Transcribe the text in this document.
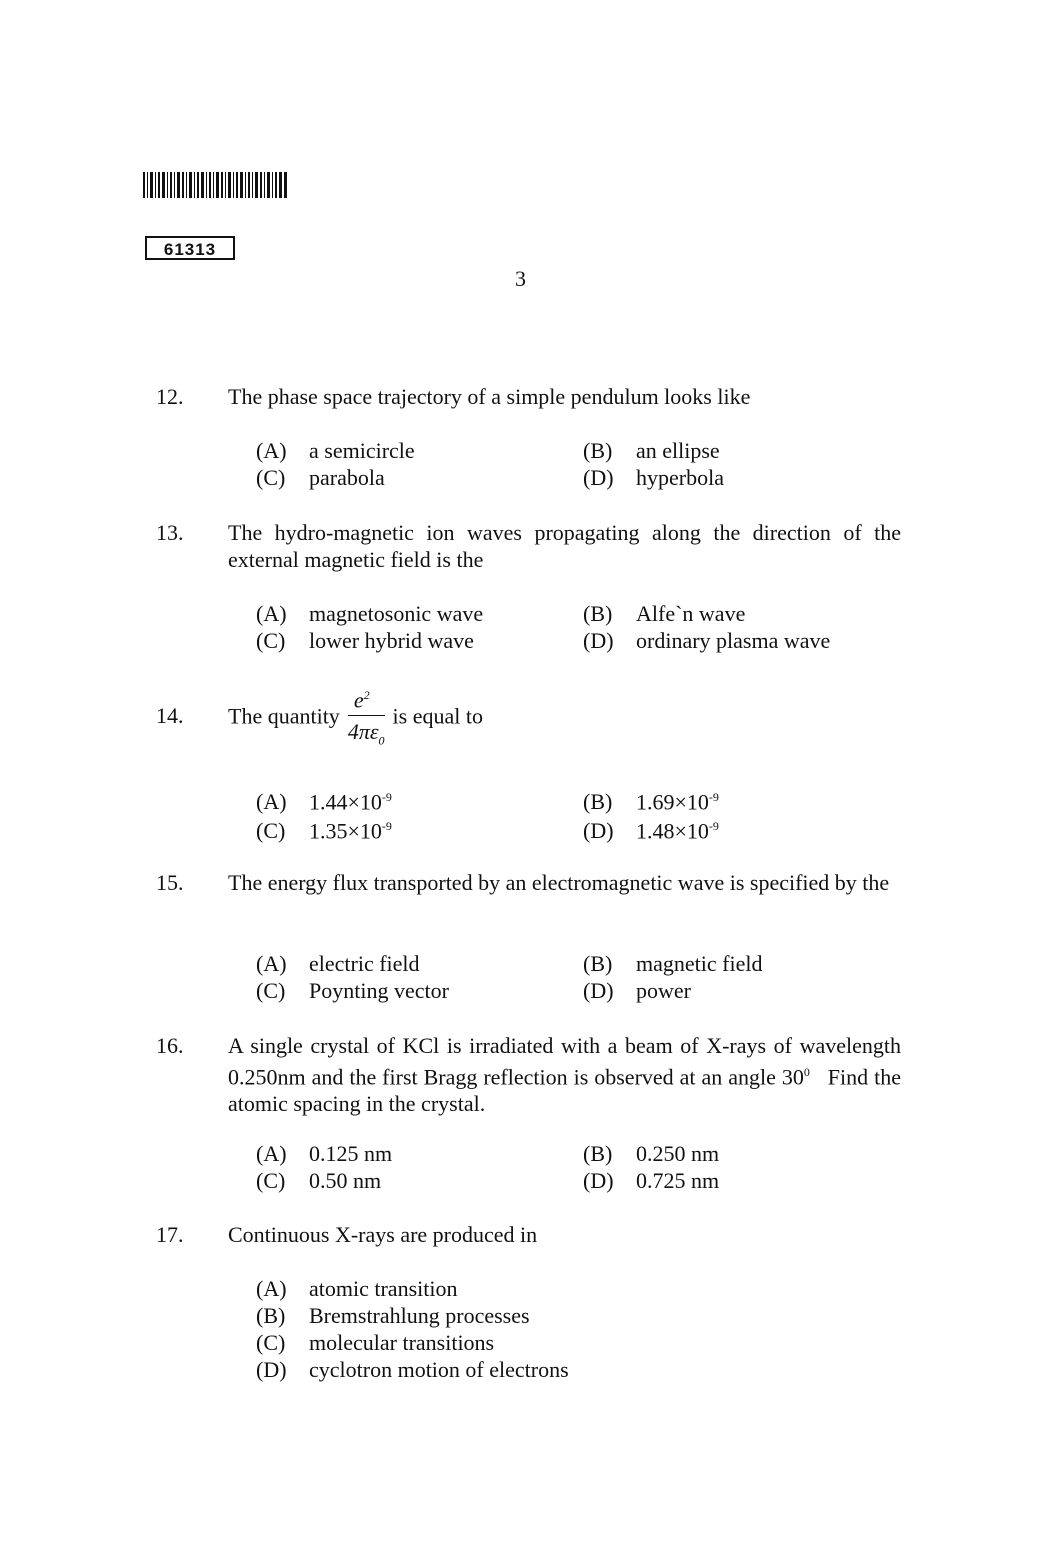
61313
3
12. The phase space trajectory of a simple pendulum looks like
(A) a semicircle	(B) an ellipse
(C) parabola	(D) hyperbola
13. The hydro-magnetic ion waves propagating along the direction of the external magnetic field is the
(A) magnetosonic wave	(B) Alfe`n wave
(C) lower hybrid wave	(D) ordinary plasma wave
14. The quantity $\frac{e^2}{4\pi\varepsilon_0}$ is equal to
(A) $1.44\times 10^{-9}$	(B) $1.69\times 10^{-9}$
(C) $1.35\times 10^{-9}$	(D) $1.48\times 10^{-9}$
15. The energy flux transported by an electromagnetic wave is specified by the
(A) electric field	(B) magnetic field
(C) Poynting vector	(D) power
16. A single crystal of KCl is irradiated with a beam of X-rays of wavelength 0.250nm and the first Bragg reflection is observed at an angle $30^0$ Find the atomic spacing in the crystal.
(A) 0.125 nm	(B) 0.250 nm
(C) 0.50 nm	(D) 0.725 nm
17. Continuous X-rays are produced in
(A) atomic transition
(B) Bremstrahlung processes
(C) molecular transitions
(D) cyclotron motion of electrons
